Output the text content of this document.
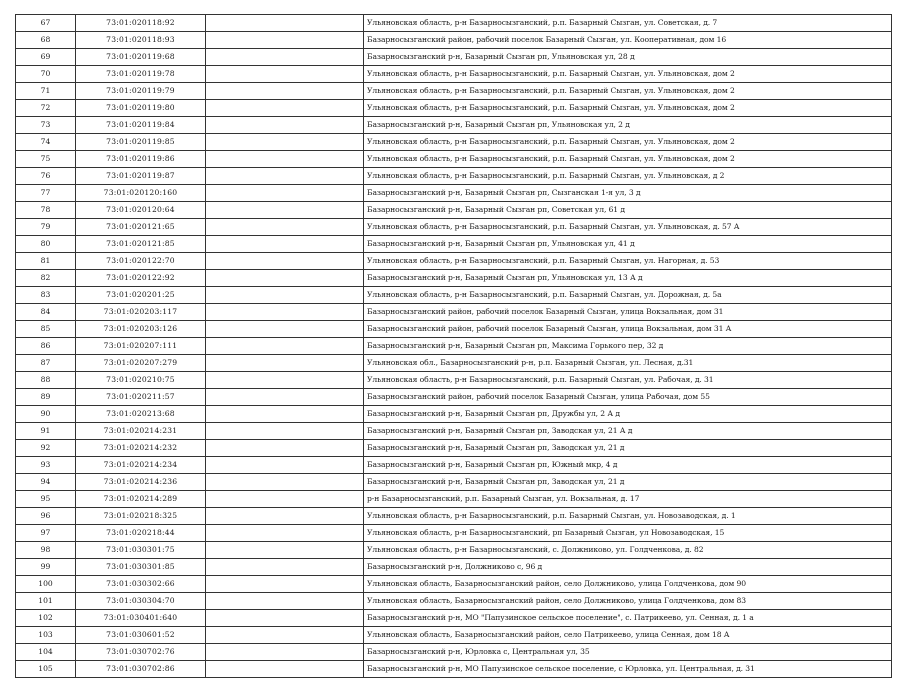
67	73:01:020118:92		Ульяновская область, р-н Базарносызганский, р.п. Базарный Сызган, ул. Советская, д. 7
68	73:01:020118:93		Базарносызганский район, рабочий поселок Базарный Сызган, ул. Кооперативная, дом 16
69	73:01:020119:68		Базарносызганский р-н, Базарный Сызган рп, Ульяновская ул, 28 д
70	73:01:020119:78		Ульяновская область, р-н Базарносызганский, р.п. Базарный Сызган, ул. Ульяновская, дом 2
71	73:01:020119:79		Ульяновская область, р-н Базарносызганский, р.п. Базарный Сызган, ул. Ульяновская, дом 2
72	73:01:020119:80		Ульяновская область, р-н Базарносызганский, р.п. Базарный Сызган, ул. Ульяновская, дом 2
73	73:01:020119:84		Базарносызганский р-н, Базарный Сызган рп, Ульяновская ул, 2 д
74	73:01:020119:85		Ульяновская область, р-н Базарносызганский, р.п. Базарный Сызган, ул. Ульяновская, дом 2
75	73:01:020119:86		Ульяновская область, р-н Базарносызганский, р.п. Базарный Сызган, ул. Ульяновская, дом 2
76	73:01:020119:87		Ульяновская область, р-н Базарносызганский, р.п. Базарный Сызган, ул. Ульяновская, д 2
77	73:01:020120:160		Базарносызганский р-н, Базарный Сызган рп, Сызганская 1-я ул, 3 д
78	73:01:020120:64		Базарносызганский р-н, Базарный Сызган рп, Советская ул, 61 д
79	73:01:020121:65		Ульяновская область, р-н Базарносызганский, р.п. Базарный Сызган, ул. Ульяновская, д. 57 А
80	73:01:020121:85		Базарносызганский р-н, Базарный Сызган рп, Ульяновская ул, 41 д
81	73:01:020122:70		Ульяновская область, р-н Базарносызганский, р.п. Базарный Сызган, ул. Нагорная, д. 53
82	73:01:020122:92		Базарносызганский р-н, Базарный Сызган рп, Ульяновская ул, 13 А д
83	73:01:020201:25		Ульяновская область, р-н Базарносызганский, р.п. Базарный Сызган, ул. Дорожная, д. 5а
84	73:01:020203:117		Базарносызганский район, рабочий поселок Базарный Сызган, улица Вокзальная, дом 31
85	73:01:020203:126		Базарносызганский район, рабочий поселок Базарный Сызган, улица Вокзальная, дом 31 А
86	73:01:020207:111		Базарносызганский р-н, Базарный Сызган рп, Максима Горького пер, 32 д
87	73:01:020207:279		Ульяновская обл., Базарносызганский р-н, р.п. Базарный Сызган, ул. Лесная, д.31
88	73:01:020210:75		Ульяновская область, р-н Базарносызганский, р.п. Базарный Сызган, ул. Рабочая, д. 31
89	73:01:020211:57		Базарносызганский район, рабочий поселок Базарный Сызган, улица Рабочая, дом 55
90	73:01:020213:68		Базарносызганский р-н, Базарный Сызган рп, Дружбы ул, 2 А д
91	73:01:020214:231		Базарносызганский р-н, Базарный Сызган рп, Заводская ул, 21 А д
92	73:01:020214:232		Базарносызганский р-н, Базарный Сызган рп, Заводская ул, 21 д
93	73:01:020214:234		Базарносызганский р-н, Базарный Сызган рп, Южный мкр, 4 д
94	73:01:020214:236		Базарносызганский р-н, Базарный Сызган рп, Заводская ул, 21 д
95	73:01:020214:289		р-н Базарносызганский, р.п. Базарный Сызган, ул. Вокзальная, д. 17
96	73:01:020218:325		Ульяновская область, р-н Базарносызганский, р.п. Базарный Сызган, ул. Новозаводская, д. 1
97	73:01:020218:44		Ульяновская область, р-н Базарносызганский, рп Базарный Сызган, ул Новозаводская, 15
98	73:01:030301:75		Ульяновская область, р-н Базарносызганский, с. Должниково, ул. Голдченкова, д. 82
99	73:01:030301:85		Базарносызганский р-н, Должниково с, 96 д
100	73:01:030302:66		Ульяновская область, Базарносызганский район, село Должниково, улица Голдченкова, дом 90
101	73:01:030304:70		Ульяновская область, Базарносызганский район, село Должниково, улица Голдченкова, дом 83
102	73:01:030401:640		Базарносызганский р-н, МО "Папузинское сельское поселение", с. Патрикеево, ул. Сенная, д. 1 а
103	73:01:030601:52		Ульяновская область, Базарносызганский район, село Патрикеево, улица Сенная, дом 18 А
104	73:01:030702:76		Базарносызганский р-н, Юрловка с, Центральная ул, 35
105	73:01:030702:86		Базарносызганский р-н, МО Папузинское сельское поселение, с Юрловка, ул. Центральная, д. 31
